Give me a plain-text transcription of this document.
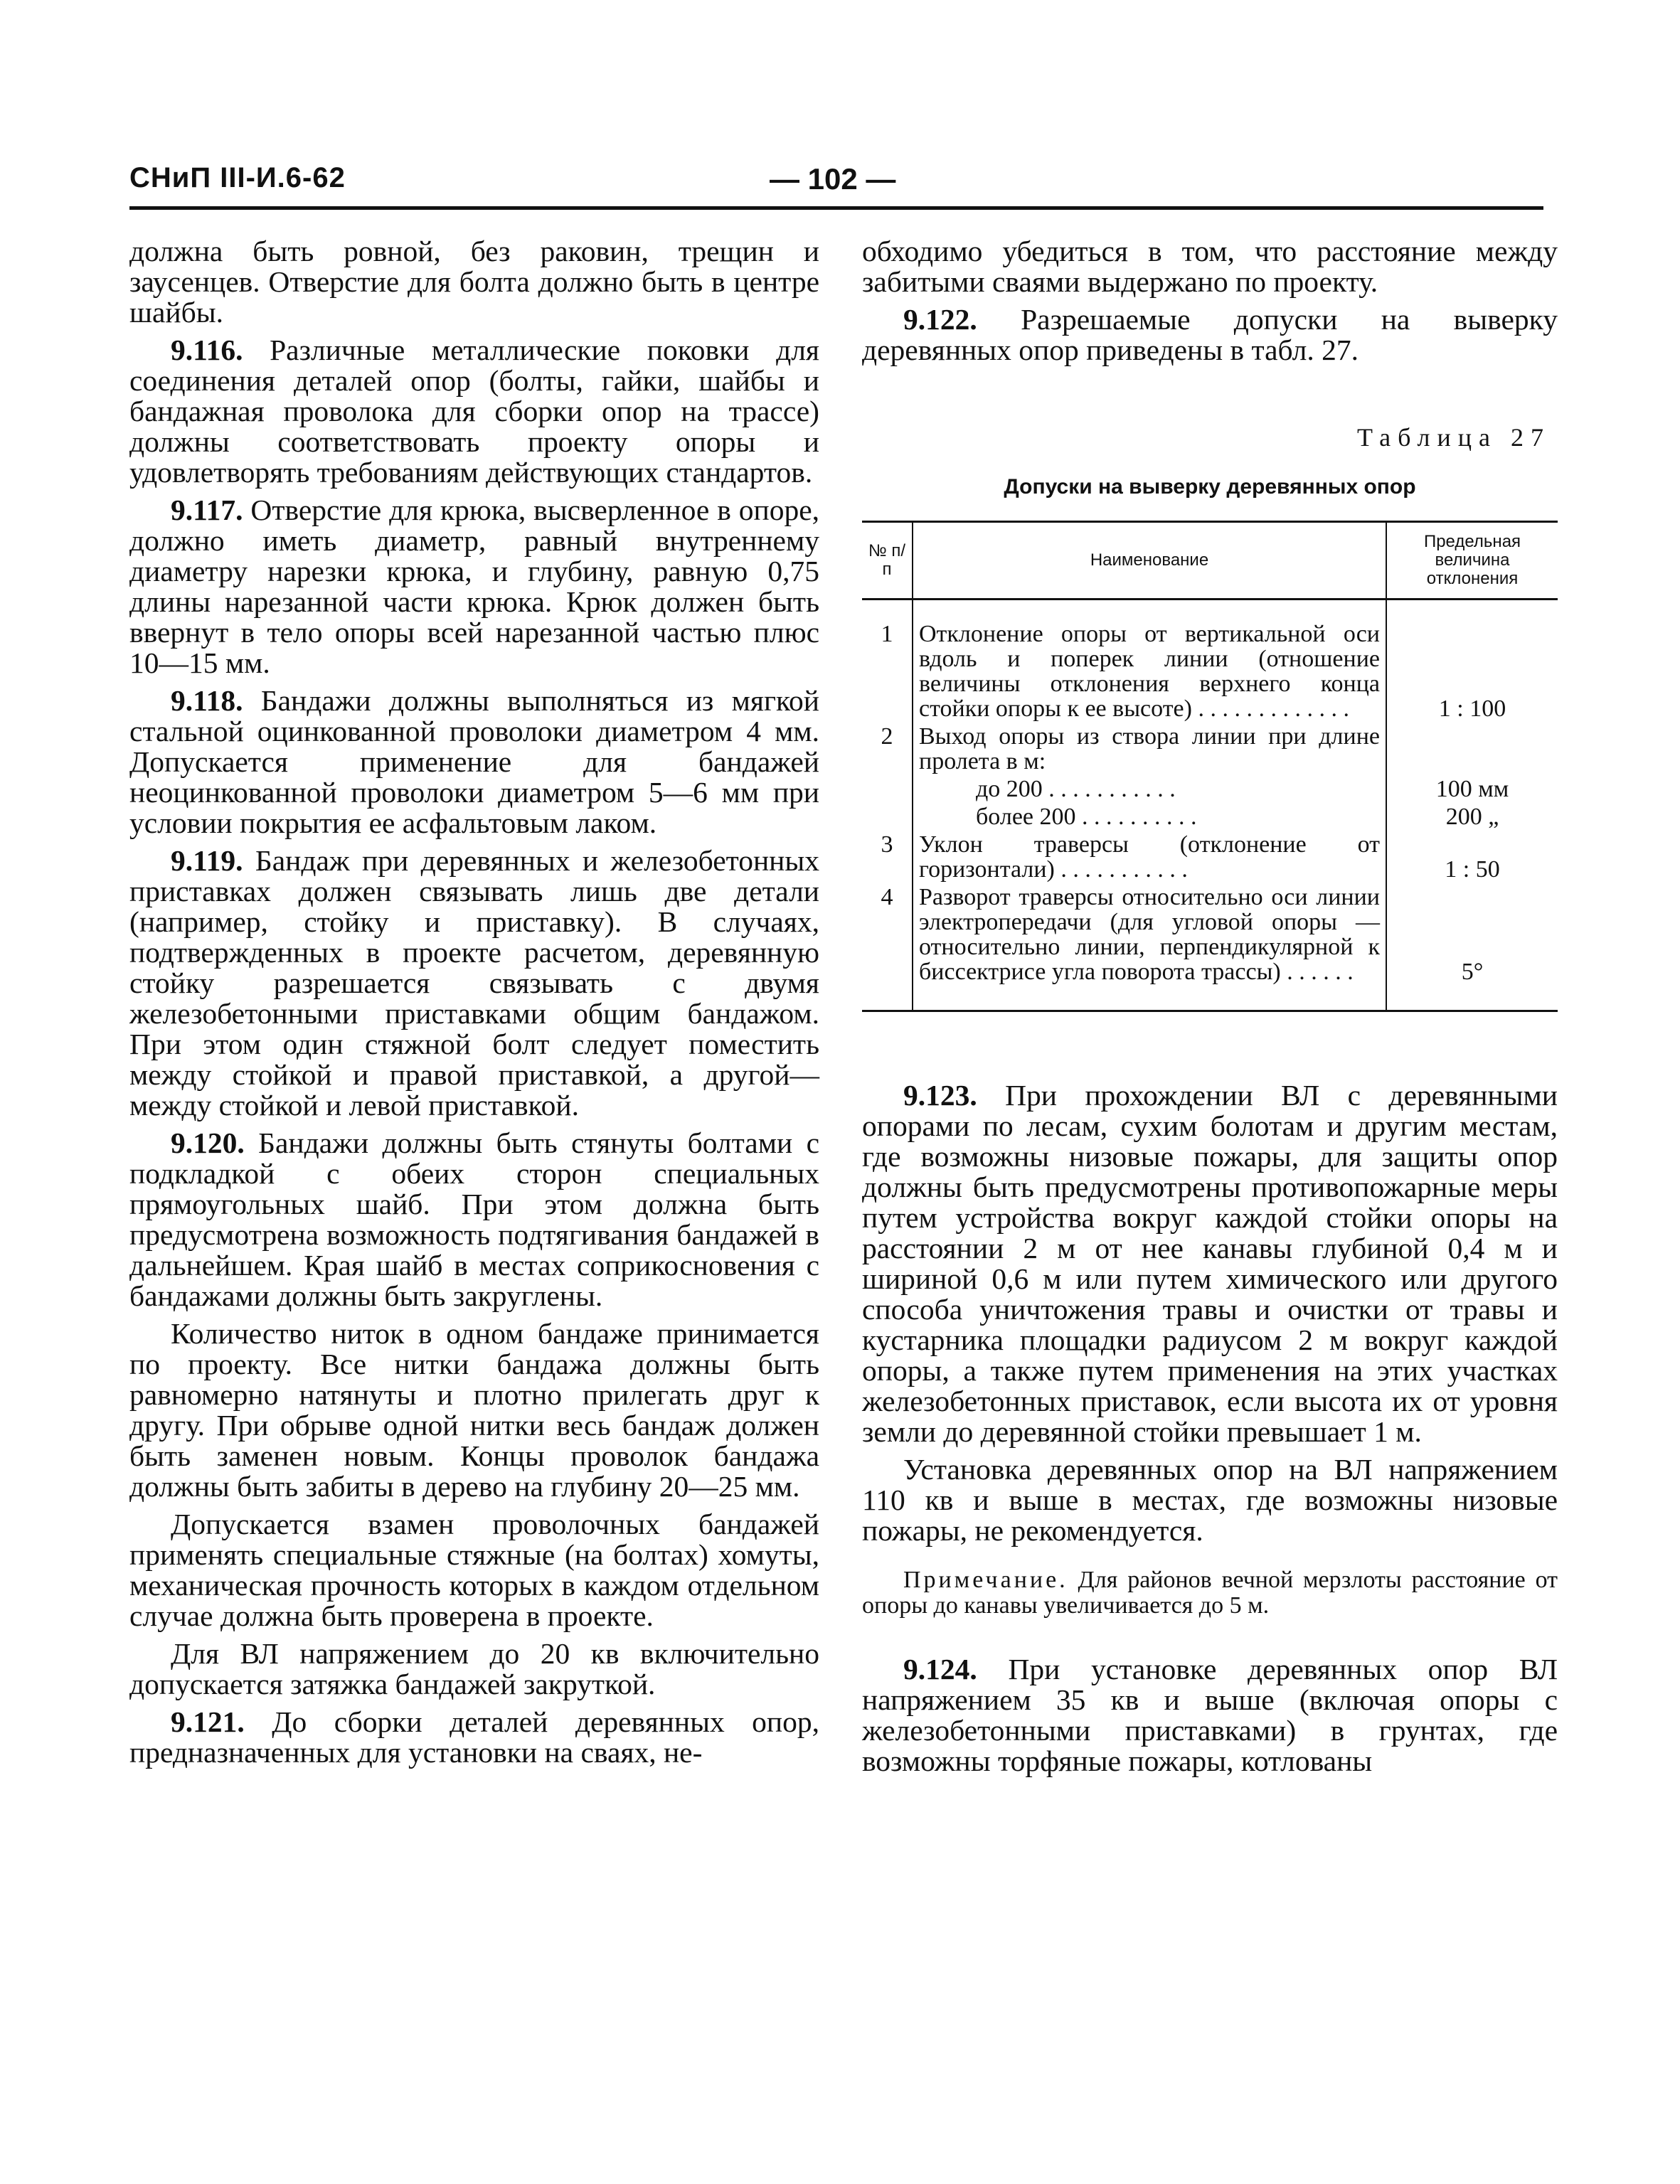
СНиП III-И.6-62	— 102 —

должна быть ровной, без раковин, трещин и заусенцев. Отверстие для болта должно быть в центре шайбы.

9.116. Различные металлические поковки для соединения деталей опор (болты, гайки, шайбы и бандажная проволока для сборки опор на трассе) должны соответствовать проекту опоры и удовлетворять требованиям действующих стандартов.

9.117. Отверстие для крюка, высверленное в опоре, должно иметь диаметр, равный внутреннему диаметру нарезки крюка, и глубину, равную 0,75 длины нарезанной части крюка. Крюк должен быть ввернут в тело опоры всей нарезанной частью плюс 10—15 мм.

9.118. Бандажи должны выполняться из мягкой стальной оцинкованной проволоки диаметром 4 мм. Допускается применение для бандажей неоцинкованной проволоки диаметром 5—6 мм при условии покрытия ее асфальтовым лаком.

9.119. Бандаж при деревянных и железобетонных приставках должен связывать лишь две детали (например, стойку и приставку). В случаях, подтвержденных в проекте расчетом, деревянную стойку разрешается связывать с двумя железобетонными приставками общим бандажом. При этом один стяжной болт следует поместить между стойкой и правой приставкой, а другой—между стойкой и левой приставкой.

9.120. Бандажи должны быть стянуты болтами с подкладкой с обеих сторон специальных прямоугольных шайб. При этом должна быть предусмотрена возможность подтягивания бандажей в дальнейшем. Края шайб в местах соприкосновения с бандажами должны быть закруглены.

Количество ниток в одном бандаже принимается по проекту. Все нитки бандажа должны быть равномерно натянуты и плотно прилегать друг к другу. При обрыве одной нитки весь бандаж должен быть заменен новым. Концы проволок бандажа должны быть забиты в дерево на глубину 20—25 мм.

Допускается взамен проволочных бандажей применять специальные стяжные (на болтах) хомуты, механическая прочность которых в каждом отдельном случае должна быть проверена в проекте.

Для ВЛ напряжением до 20 кв включительно допускается затяжка бандажей закруткой.

9.121. До сборки деталей деревянных опор, предназначенных для установки на сваях, не-

обходимо убедиться в том, что расстояние между забитыми сваями выдержано по проекту.

9.122. Разрешаемые допуски на выверку деревянных опор приведены в табл. 27.

Таблица 27
Допуски на выверку деревянных опор
№ п/п	Наименование	Предельная величина отклонения
1	Отклонение опоры от вертикальной оси вдоль и поперек линии (отношение величины отклонения верхнего конца стойки опоры к ее высоте) . . . . . . . . . . . . .	1 : 100
2	Выход опоры из створа линии при длине пролета в м:	

	до 200 . . . . . . . . . . .	100 мм

	более 200 . . . . . . . . . .	200 „
3	Уклон траверсы (отклонение от горизонтали) . . . . . . . . . . .	1 : 50
4	Разворот траверсы относительно оси линии электропередачи (для угловой опоры — относительно линии, перпендикулярной к биссектрисе угла поворота трассы) . . . . . .	5°

9.123. При прохождении ВЛ с деревянными опорами по лесам, сухим болотам и другим местам, где возможны низовые пожары, для защиты опор должны быть предусмотрены противопожарные меры путем устройства вокруг каждой стойки опоры на расстоянии 2 м от нее канавы глубиной 0,4 м и шириной 0,6 м или путем химического или другого способа уничтожения травы и очистки от травы и кустарника площадки радиусом 2 м вокруг каждой опоры, а также путем применения на этих участках железобетонных приставок, если высота их от уровня земли до деревянной стойки превышает 1 м.

Установка деревянных опор на ВЛ напряжением 110 кв и выше в местах, где возможны низовые пожары, не рекомендуется.

Примечание. Для районов вечной мерзлоты расстояние от опоры до канавы увеличивается до 5 м.

9.124. При установке деревянных опор ВЛ напряжением 35 кв и выше (включая опоры с железобетонными приставками) в грунтах, где возможны торфяные пожары, котлованы
